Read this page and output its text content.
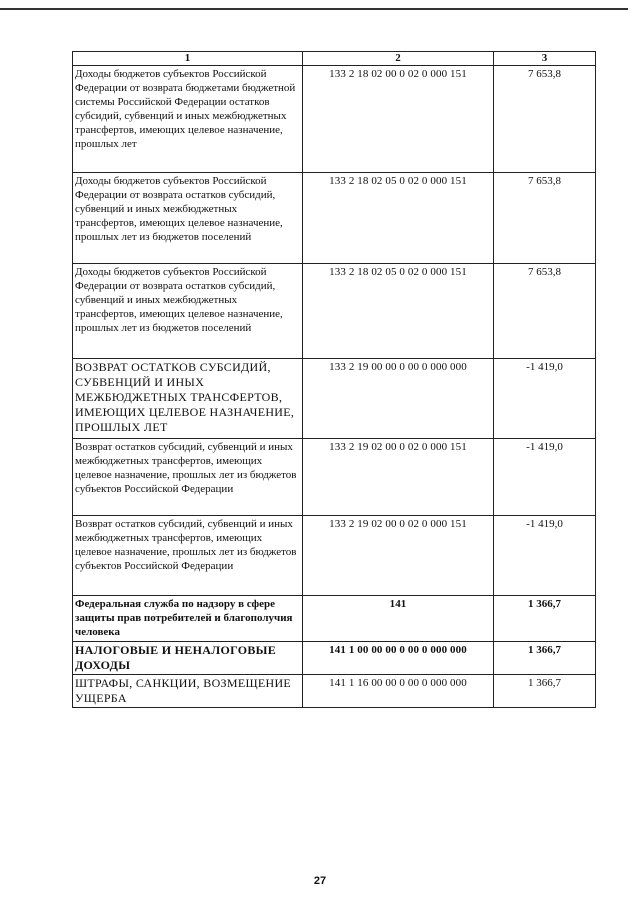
1	2	3
Доходы бюджетов субъектов Российской Федерации от возврата бюджетами бюджетной системы Российской Федерации остатков субсидий, субвенций и иных межбюджетных трансфертов, имеющих целевое назначение, прошлых лет	133 2 18 02 00 0 02 0 000 151	7 653,8
Доходы бюджетов субъектов Российской Федерации от возврата остатков субсидий, субвенций и иных межбюджетных трансфертов, имеющих целевое назначение, прошлых лет из бюджетов поселений	133 2 18 02 05 0 02 0 000 151	7 653,8
Доходы бюджетов субъектов Российской Федерации от возврата остатков субсидий, субвенций и иных межбюджетных трансфертов, имеющих целевое назначение, прошлых лет из бюджетов поселений	133 2 18 02 05 0 02 0 000 151	7 653,8
ВОЗВРАТ ОСТАТКОВ СУБСИДИЙ, СУБВЕНЦИЙ И ИНЫХ МЕЖБЮДЖЕТНЫХ ТРАНСФЕРТОВ, ИМЕЮЩИХ ЦЕЛЕВОЕ НАЗНАЧЕНИЕ, ПРОШЛЫХ ЛЕТ	133 2 19 00 00 0 00 0 000 000	-1 419,0
Возврат остатков субсидий, субвенций и иных межбюджетных трансфертов, имеющих целевое назначение, прошлых лет из бюджетов субъектов Российской Федерации	133 2 19 02 00 0 02 0 000 151	-1 419,0
Возврат остатков субсидий, субвенций и иных межбюджетных трансфертов, имеющих целевое назначение, прошлых лет из бюджетов субъектов Российской Федерации	133 2 19 02 00 0 02 0 000 151	-1 419,0
Федеральная служба по надзору в сфере защиты прав потребителей и благополучия человека	141	1 366,7
НАЛОГОВЫЕ И НЕНАЛОГОВЫЕ ДОХОДЫ	141 1 00 00 00 0 00 0 000 000	1 366,7
ШТРАФЫ, САНКЦИИ, ВОЗМЕЩЕНИЕ УЩЕРБА	141 1 16 00 00 0 00 0 000 000	1 366,7
27
